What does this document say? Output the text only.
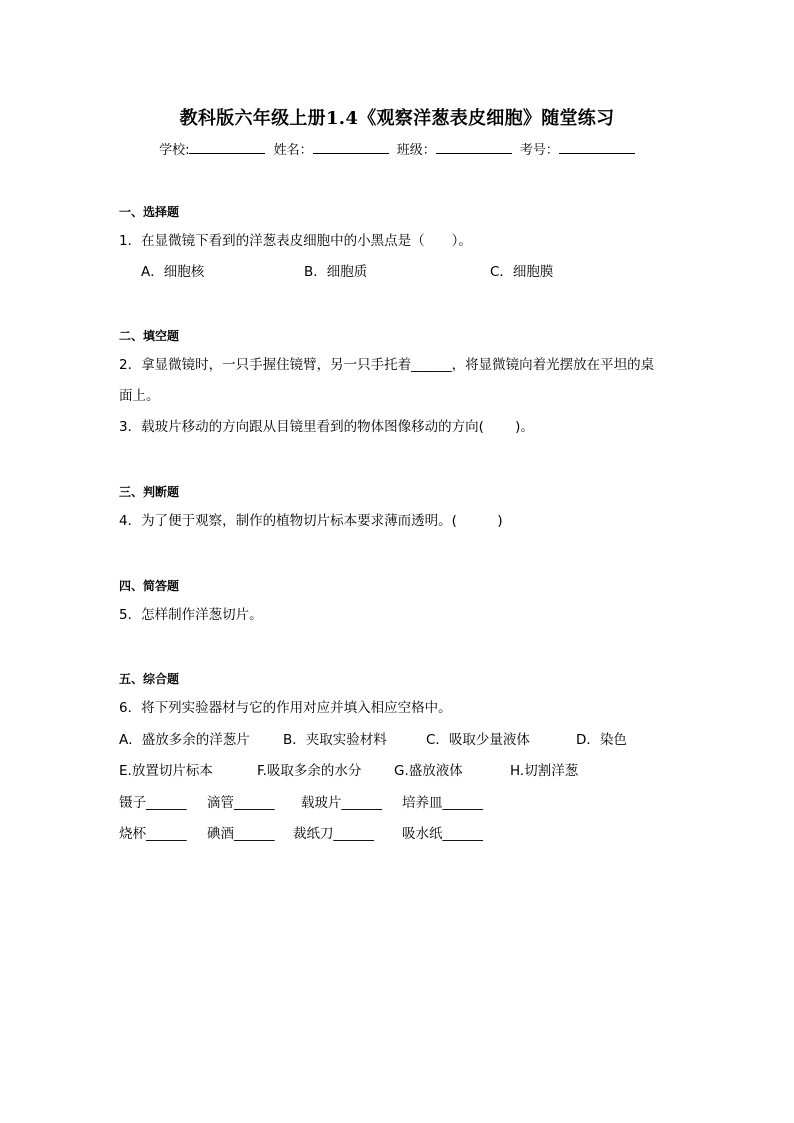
教科版六年级上册1.4《观察洋葱表皮细胞》随堂练习
学校:	姓名：	班级：	考号：
一、选择题
1．在显微镜下看到的洋葱表皮细胞中的小黑点是（　　）。
A．细胞核	B．细胞质	C．细胞膜
二、填空题
2．拿显微镜时，一只手握住镜臂，另一只手托着______，将显微镜向着光摆放在平坦的桌
面上。
3．载玻片移动的方向跟从目镜里看到的物体图像移动的方向(　　 )。
三、判断题
4．为了便于观察，制作的植物切片标本要求薄而透明。(　　　)
四、简答题
5．怎样制作洋葱切片。
五、综合题
6．将下列实验器材与它的作用对应并填入相应空格中。
A．盛放多余的洋葱片 B．夹取实验材料	C．吸取少量液体	D．染色
E.放置切片标本	F.吸取多余的水分 G.盛放液体	H.切割洋葱
镊子______ 滴管______ 载玻片______ 培养皿______
烧杯______ 碘酒______ 裁纸刀______ 吸水纸______
